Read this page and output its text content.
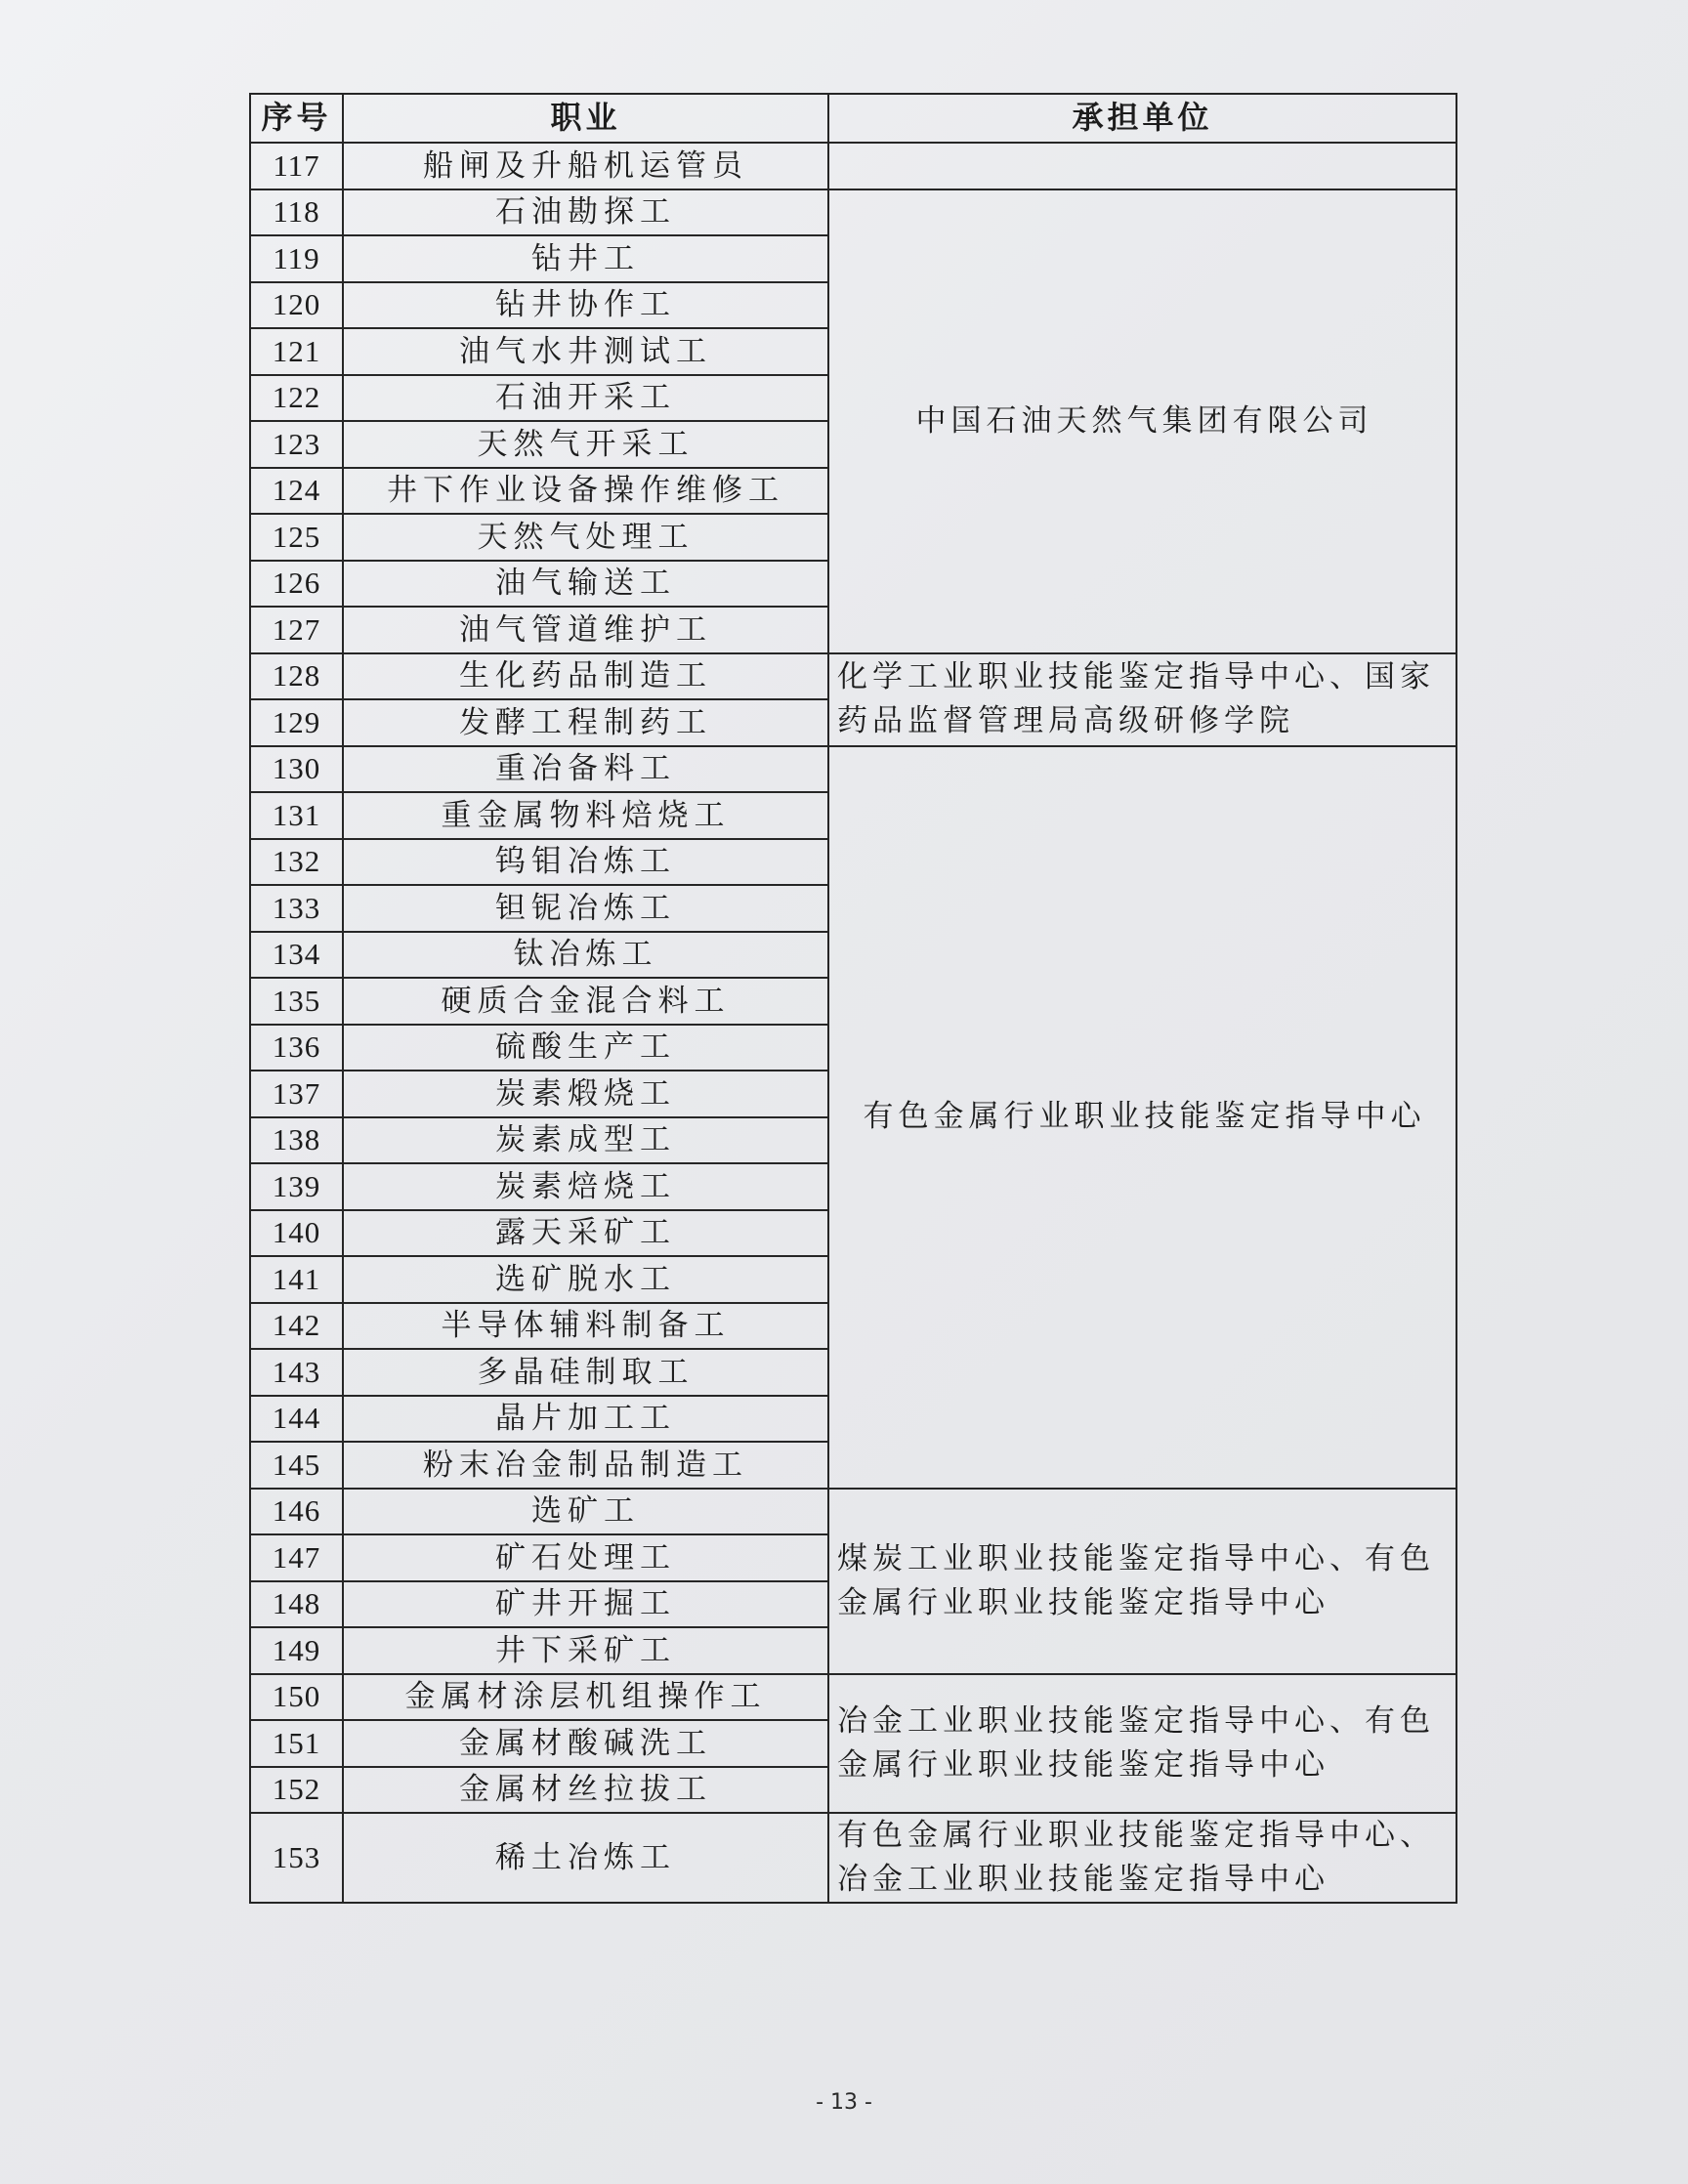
序号	职业	承担单位
117	船闸及升船机运管员	
118	石油勘探工	中国石油天然气集团有限公司
119	钻井工	
120	钻井协作工	
121	油气水井测试工	
122	石油开采工	
123	天然气开采工	
124	井下作业设备操作维修工	
125	天然气处理工	
126	油气输送工	
127	油气管道维护工	
128	生化药品制造工	化学工业职业技能鉴定指导中心、国家药品监督管理局高级研修学院
129	发酵工程制药工	
130	重冶备料工	有色金属行业职业技能鉴定指导中心
131	重金属物料焙烧工	
132	钨钼冶炼工	
133	钽铌冶炼工	
134	钛冶炼工	
135	硬质合金混合料工	
136	硫酸生产工	
137	炭素煅烧工	
138	炭素成型工	
139	炭素焙烧工	
140	露天采矿工	
141	选矿脱水工	
142	半导体辅料制备工	
143	多晶硅制取工	
144	晶片加工工	
145	粉末冶金制品制造工	
146	选矿工	煤炭工业职业技能鉴定指导中心、有色金属行业职业技能鉴定指导中心
147	矿石处理工	
148	矿井开掘工	
149	井下采矿工	
150	金属材涂层机组操作工	冶金工业职业技能鉴定指导中心、有色金属行业职业技能鉴定指导中心
151	金属材酸碱洗工	
152	金属材丝拉拔工	
153	稀土冶炼工	有色金属行业职业技能鉴定指导中心、冶金工业职业技能鉴定指导中心
- 13 -
